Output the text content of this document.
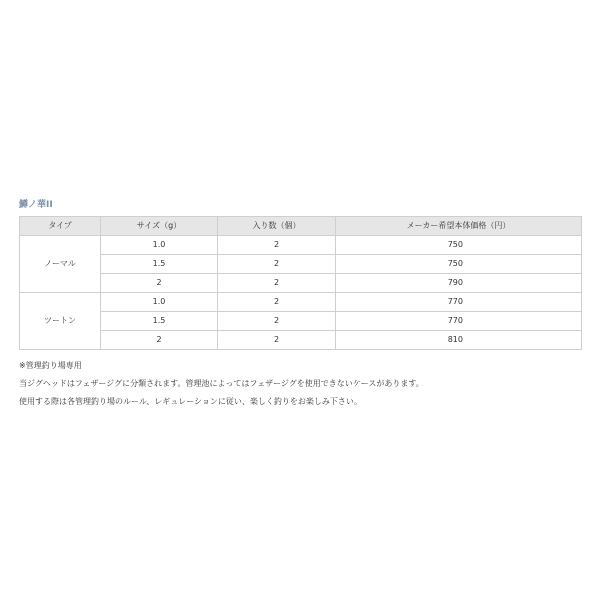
鱒ノ華II
タイプ	サイズ（g）	入り数（個）	メーカー希望本体価格（円）
ノーマル	1.0	2	750
	1.5	2	750
	2	2	790
ツートン	1.0	2	770
	1.5	2	770
	2	2	810
※管理釣り場専用
当ジグヘッドはフェザージグに分類されます。管理池によってはフェザージグを使用できないケースがあります。
使用する際は各管理釣り場のルール、レギュレーションに従い、楽しく釣りをお楽しみ下さい。
